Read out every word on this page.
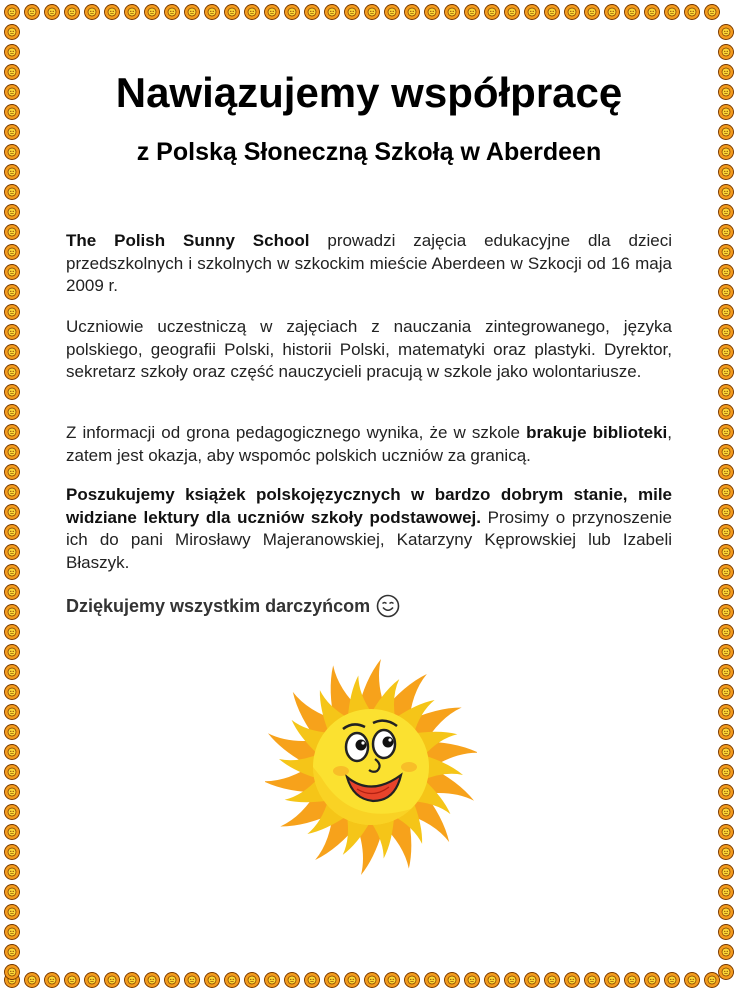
Nawiązujemy współpracę
z Polską Słoneczną Szkołą w Aberdeen

The Polish Sunny School prowadzi zajęcia edukacyjne dla dzieci przedszkolnych i szkolnych w szkockim mieście Aberdeen w Szkocji od 16 maja 2009 r.

Uczniowie uczestniczą w zajęciach z nauczania zintegrowanego, języka polskiego, geografii Polski, historii Polski, matematyki oraz plastyki. Dyrektor, sekretarz szkoły oraz część nauczycieli pracują w szkole jako wolontariusze.

Z informacji od grona pedagogicznego wynika, że w szkole brakuje biblioteki, zatem jest okazja, aby wspomóc polskich uczniów za granicą.

Poszukujemy książek polskojęzycznych w bardzo dobrym stanie, mile widziane lektury dla uczniów szkoły podstawowej. Prosimy o przynoszenie ich do pani Mirosławy Majeranowskiej, Katarzyny Kęprowskiej lub Izabeli Błaszyk.

Dziękujemy wszystkim darczyńcom
